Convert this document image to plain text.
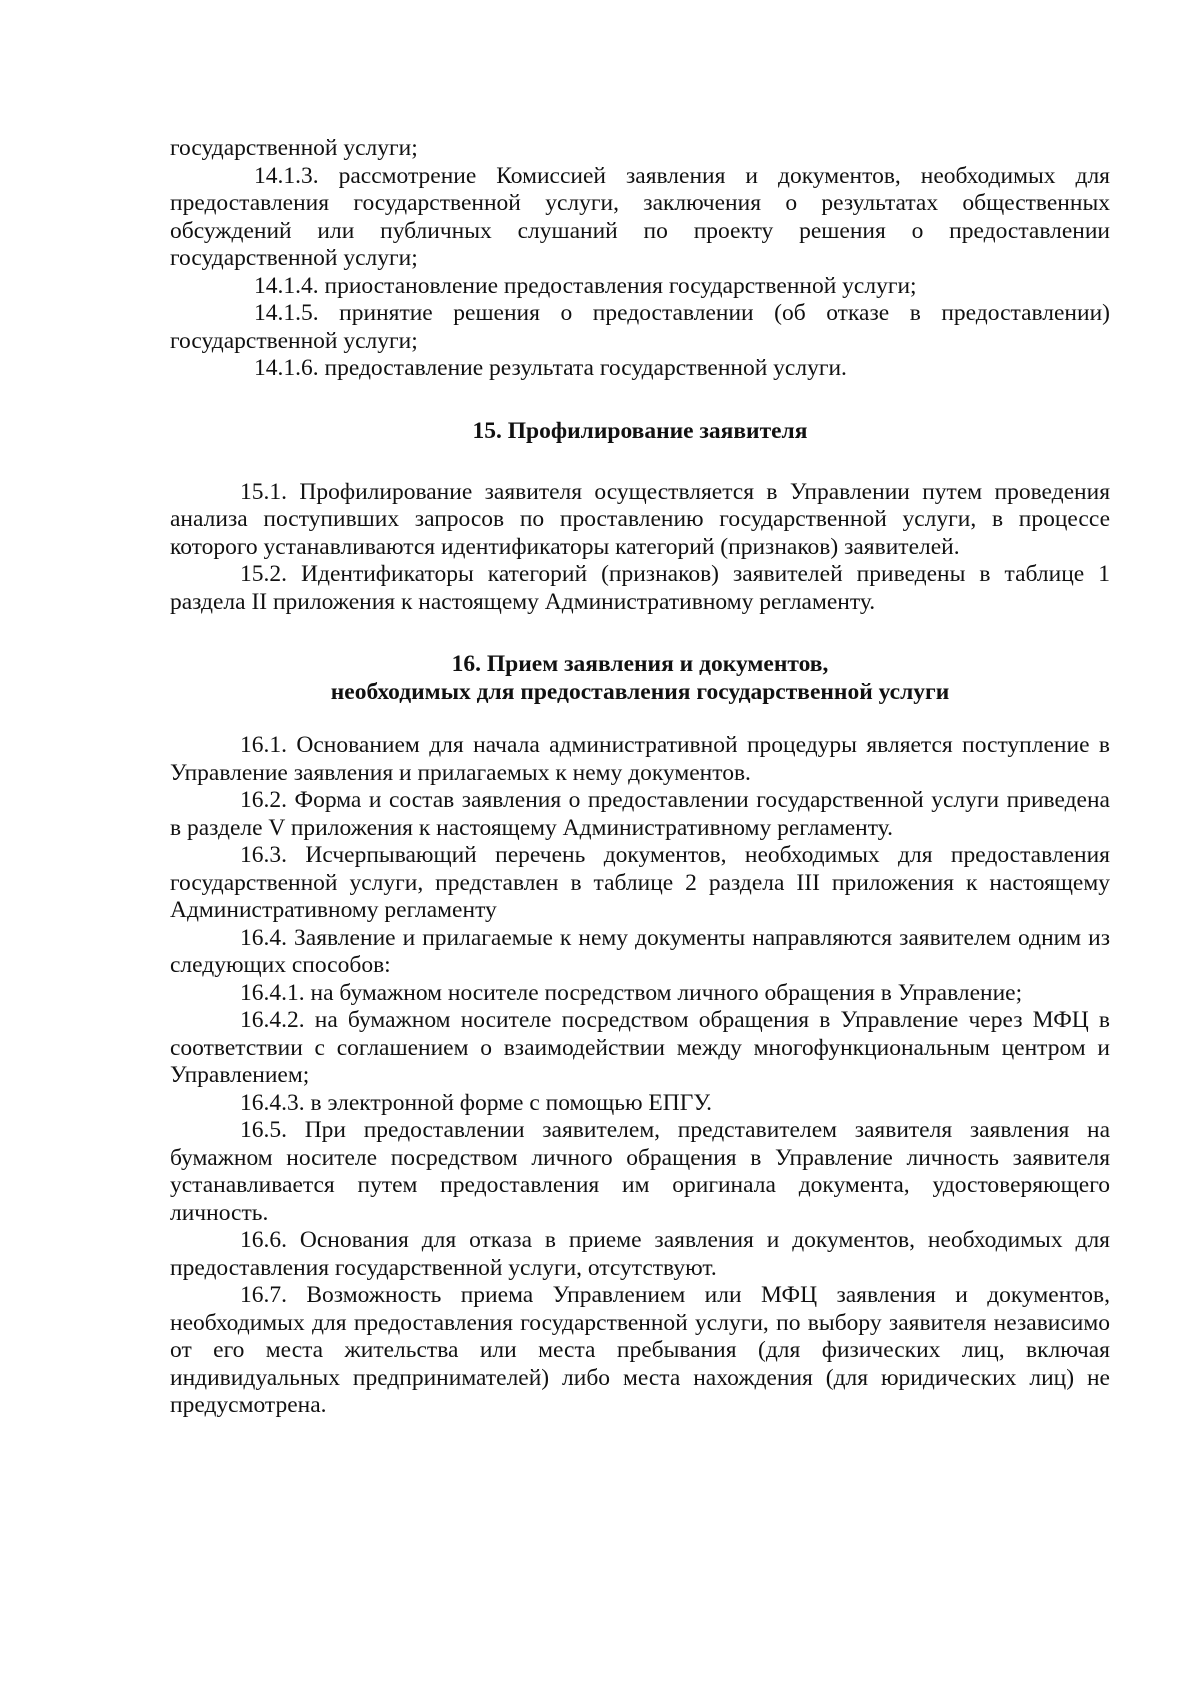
государственной услуги;

14.1.3. рассмотрение Комиссией заявления и документов, необходимых для предоставления государственной услуги, заключения о результатах общественных обсуждений или публичных слушаний по проекту решения о предоставлении государственной услуги;

14.1.4. приостановление предоставления государственной услуги;

14.1.5. принятие решения о предоставлении (об отказе в предоставлении) государственной услуги;

14.1.6. предоставление результата государственной услуги.

15. Профилирование заявителя

15.1. Профилирование заявителя осуществляется в Управлении путем проведения анализа поступивших запросов по проставлению государственной услуги, в процессе которого устанавливаются идентификаторы категорий (признаков) заявителей.

15.2. Идентификаторы категорий (признаков) заявителей приведены в таблице 1 раздела II приложения к настоящему Административному регламенту.

16. Прием заявления и документов,
необходимых для предоставления государственной услуги

16.1. Основанием для начала административной процедуры является поступление в Управление заявления и прилагаемых к нему документов.

16.2. Форма и состав заявления о предоставлении государственной услуги приведена в разделе V приложения к настоящему Административному регламенту.

16.3. Исчерпывающий перечень документов, необходимых для предоставления государственной услуги, представлен в таблице 2 раздела III приложения к настоящему Административному регламенту

16.4. Заявление и прилагаемые к нему документы направляются заявителем одним из следующих способов:

16.4.1. на бумажном носителе посредством личного обращения в Управление;

16.4.2. на бумажном носителе посредством обращения в Управление через МФЦ в соответствии с соглашением о взаимодействии между многофункциональным центром и Управлением;

16.4.3. в электронной форме с помощью ЕПГУ.

16.5. При предоставлении заявителем, представителем заявителя заявления на бумажном носителе посредством личного обращения в Управление личность заявителя устанавливается путем предоставления им оригинала документа, удостоверяющего личность.

16.6. Основания для отказа в приеме заявления и документов, необходимых для предоставления государственной услуги, отсутствуют.

16.7. Возможность приема Управлением или МФЦ заявления и документов, необходимых для предоставления государственной услуги, по выбору заявителя независимо от его места жительства или места пребывания (для физических лиц, включая индивидуальных предпринимателей) либо места нахождения (для юридических лиц) не предусмотрена.
